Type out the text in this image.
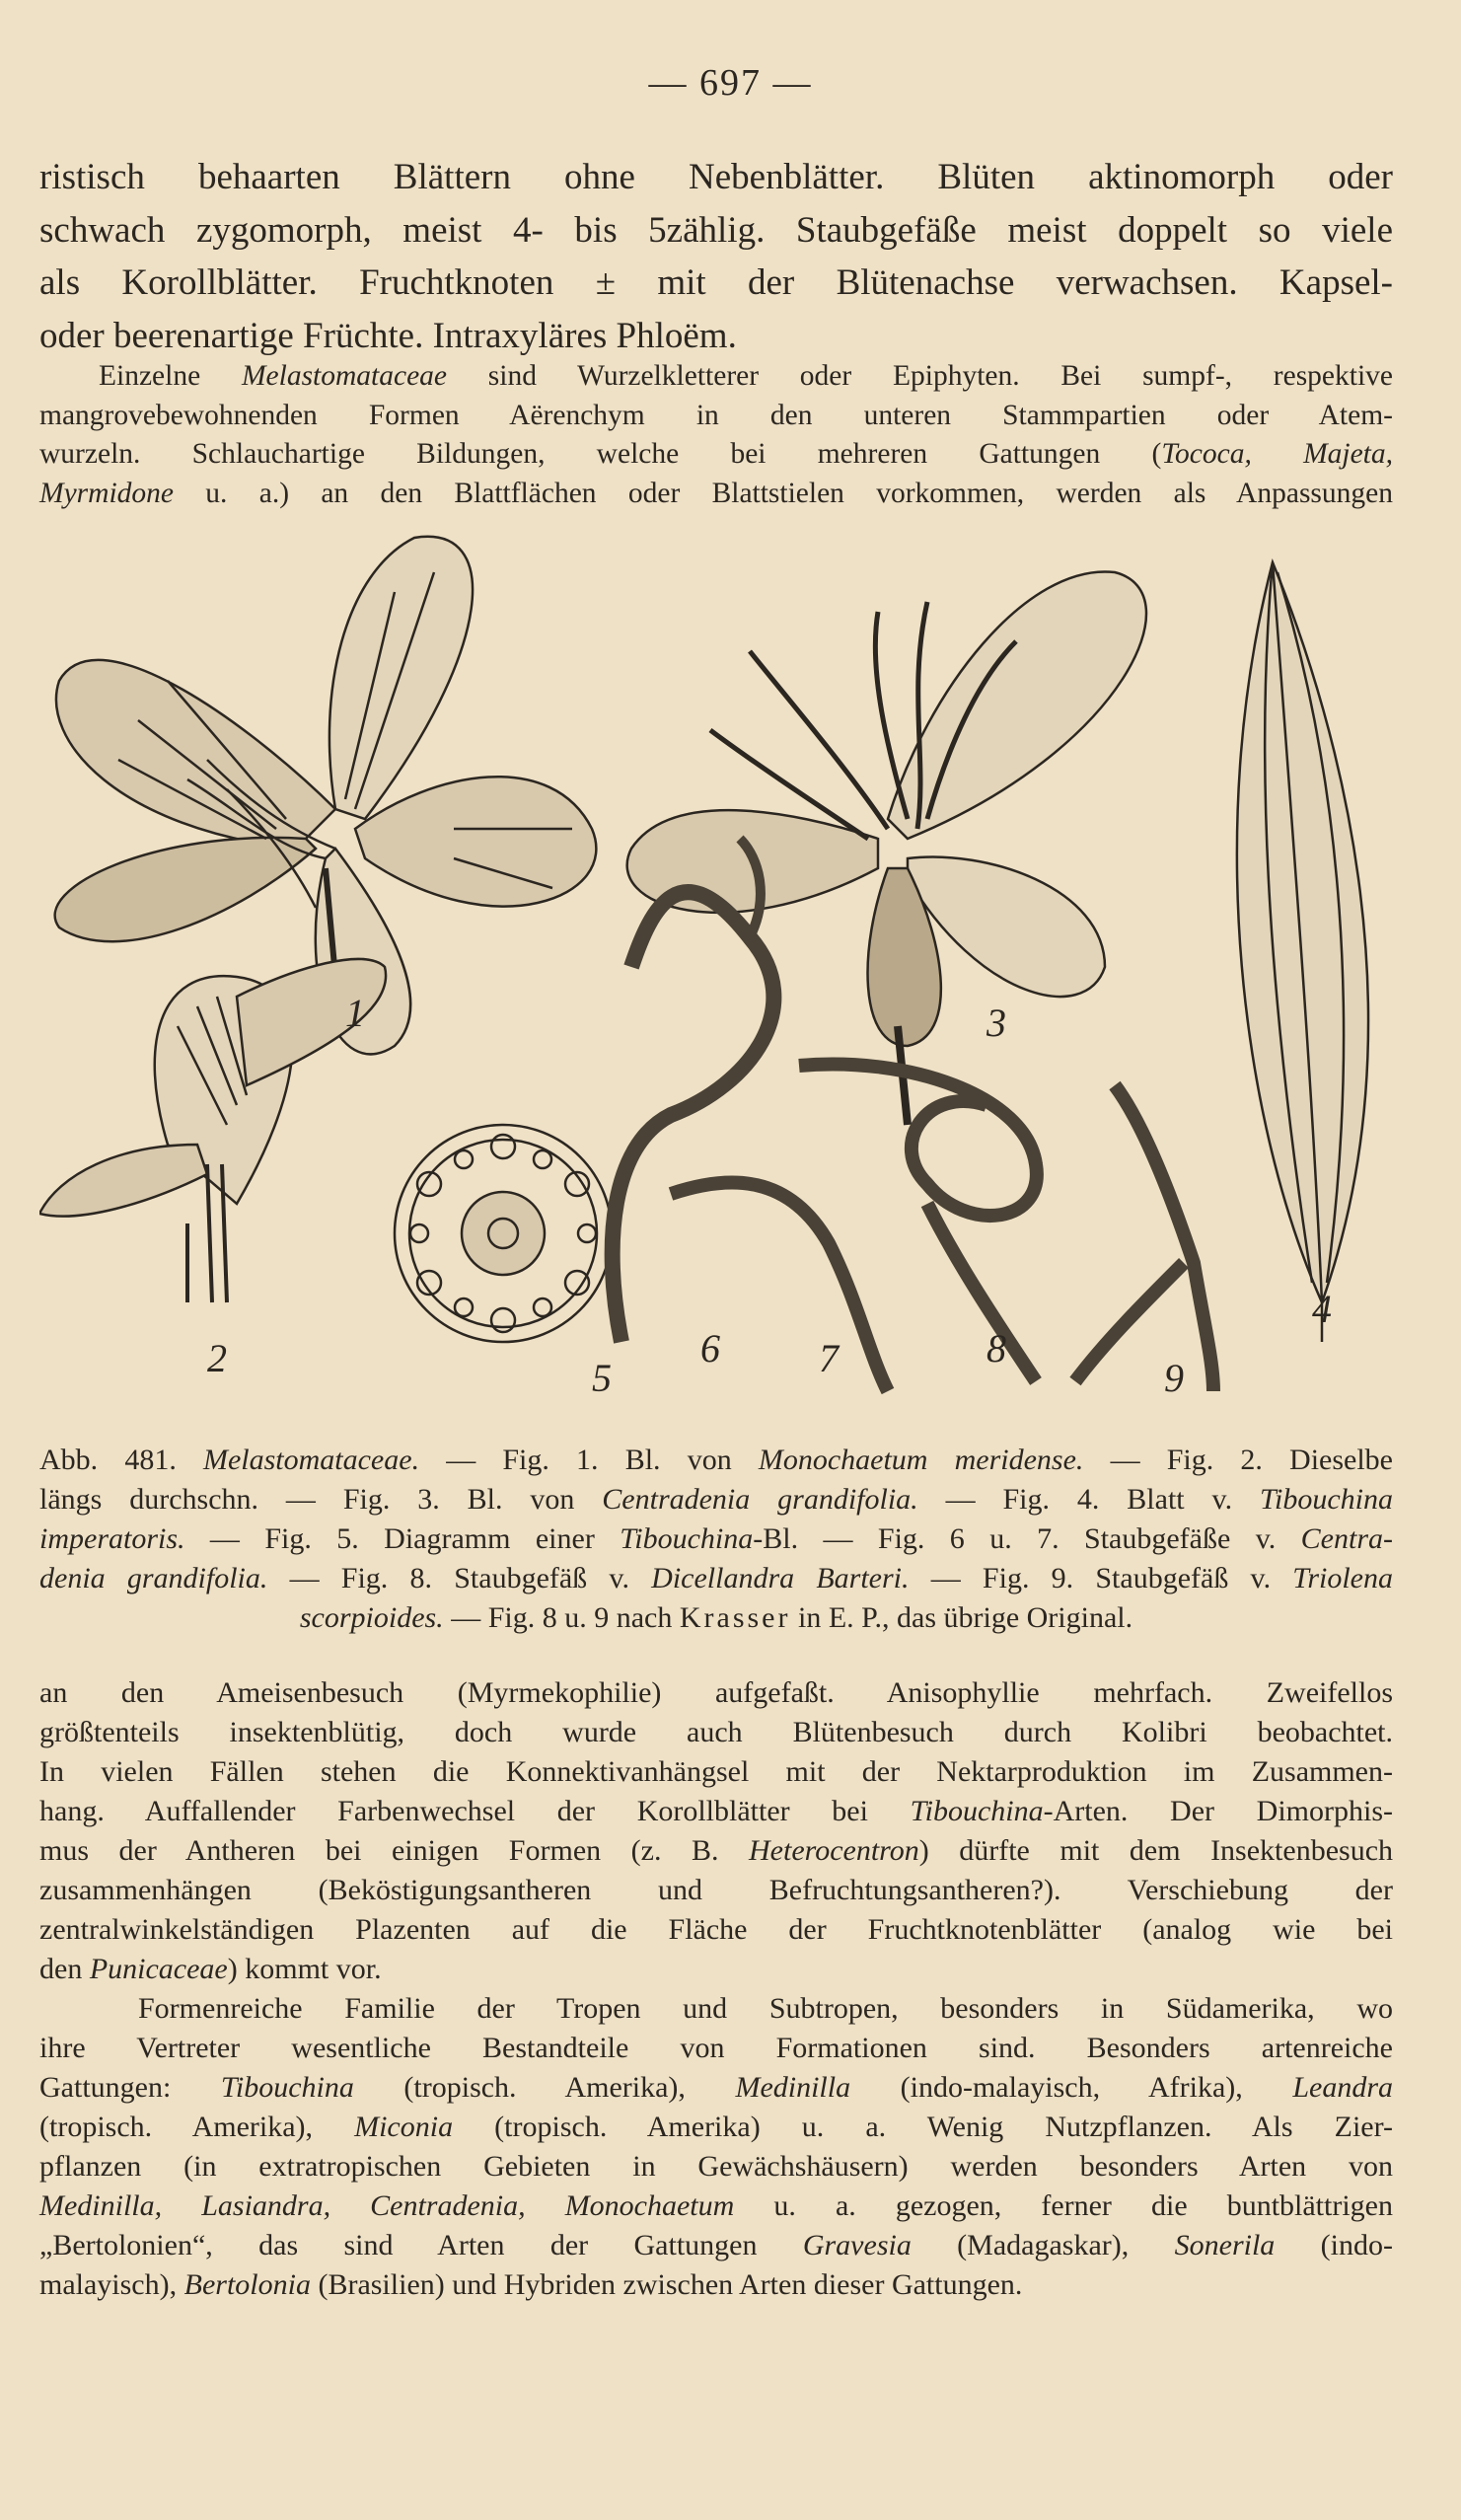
— 697 —
ristisch behaarten Blättern ohne Nebenblätter. Blüten aktinomorph oder
schwach zygomorph, meist 4- bis 5zählig. Staubgefäße meist doppelt so viele
als Korollblätter. Fruchtknoten ± mit der Blütenachse verwachsen. Kapsel-
oder beerenartige Früchte. Intraxyläres Phloëm.
Einzelne Melastomataceae sind Wurzelkletterer oder Epiphyten. Bei sumpf-, respektive
mangrovebewohnenden Formen Aërenchym in den unteren Stammpartien oder Atem-
wurzeln. Schlauchartige Bildungen, welche bei mehreren Gattungen (Tococa, Majeta,
Myrmidone u. a.) an den Blattflächen oder Blattstielen vorkommen, werden als Anpassungen
1
2
3
4
5
6	7	8
9
Abb. 481. Melastomataceae. — Fig. 1. Bl. von Monochaetum meridense. — Fig. 2. Dieselbe
längs durchschn. — Fig. 3. Bl. von Centradenia grandifolia. — Fig. 4. Blatt v. Tibouchina
imperatoris. — Fig. 5. Diagramm einer Tibouchina-Bl. — Fig. 6 u. 7. Staubgefäße v. Centra-
denia grandifolia. — Fig. 8. Staubgefäß v. Dicellandra Barteri. — Fig. 9. Staubgefäß v. Triolena
scorpioides. — Fig. 8 u. 9 nach Krasser in E. P., das übrige Original.
an den Ameisenbesuch (Myrmekophilie) aufgefaßt. Anisophyllie mehrfach. Zweifellos
größtenteils insektenblütig, doch wurde auch Blütenbesuch durch Kolibri beobachtet.
In vielen Fällen stehen die Konnektivanhängsel mit der Nektarproduktion im Zusammen-
hang. Auffallender Farbenwechsel der Korollblätter bei Tibouchina-Arten. Der Dimorphis-
mus der Antheren bei einigen Formen (z. B. Heterocentron) dürfte mit dem Insektenbesuch
zusammenhängen (Beköstigungsantheren und Befruchtungsantheren?). Verschiebung der
zentralwinkelständigen Plazenten auf die Fläche der Fruchtknotenblätter (analog wie bei
den Punicaceae) kommt vor.
Formenreiche Familie der Tropen und Subtropen, besonders in Südamerika, wo
ihre Vertreter wesentliche Bestandteile von Formationen sind. Besonders artenreiche
Gattungen: Tibouchina (tropisch. Amerika), Medinilla (indo-malayisch, Afrika), Leandra
(tropisch. Amerika), Miconia (tropisch. Amerika) u. a. Wenig Nutzpflanzen. Als Zier-
pflanzen (in extratropischen Gebieten in Gewächshäusern) werden besonders Arten von
Medinilla, Lasiandra, Centradenia, Monochaetum u. a. gezogen, ferner die buntblättrigen
„Bertolonien“, das sind Arten der Gattungen Gravesia (Madagaskar), Sonerila (indo-
malayisch), Bertolonia (Brasilien) und Hybriden zwischen Arten dieser Gattungen.
